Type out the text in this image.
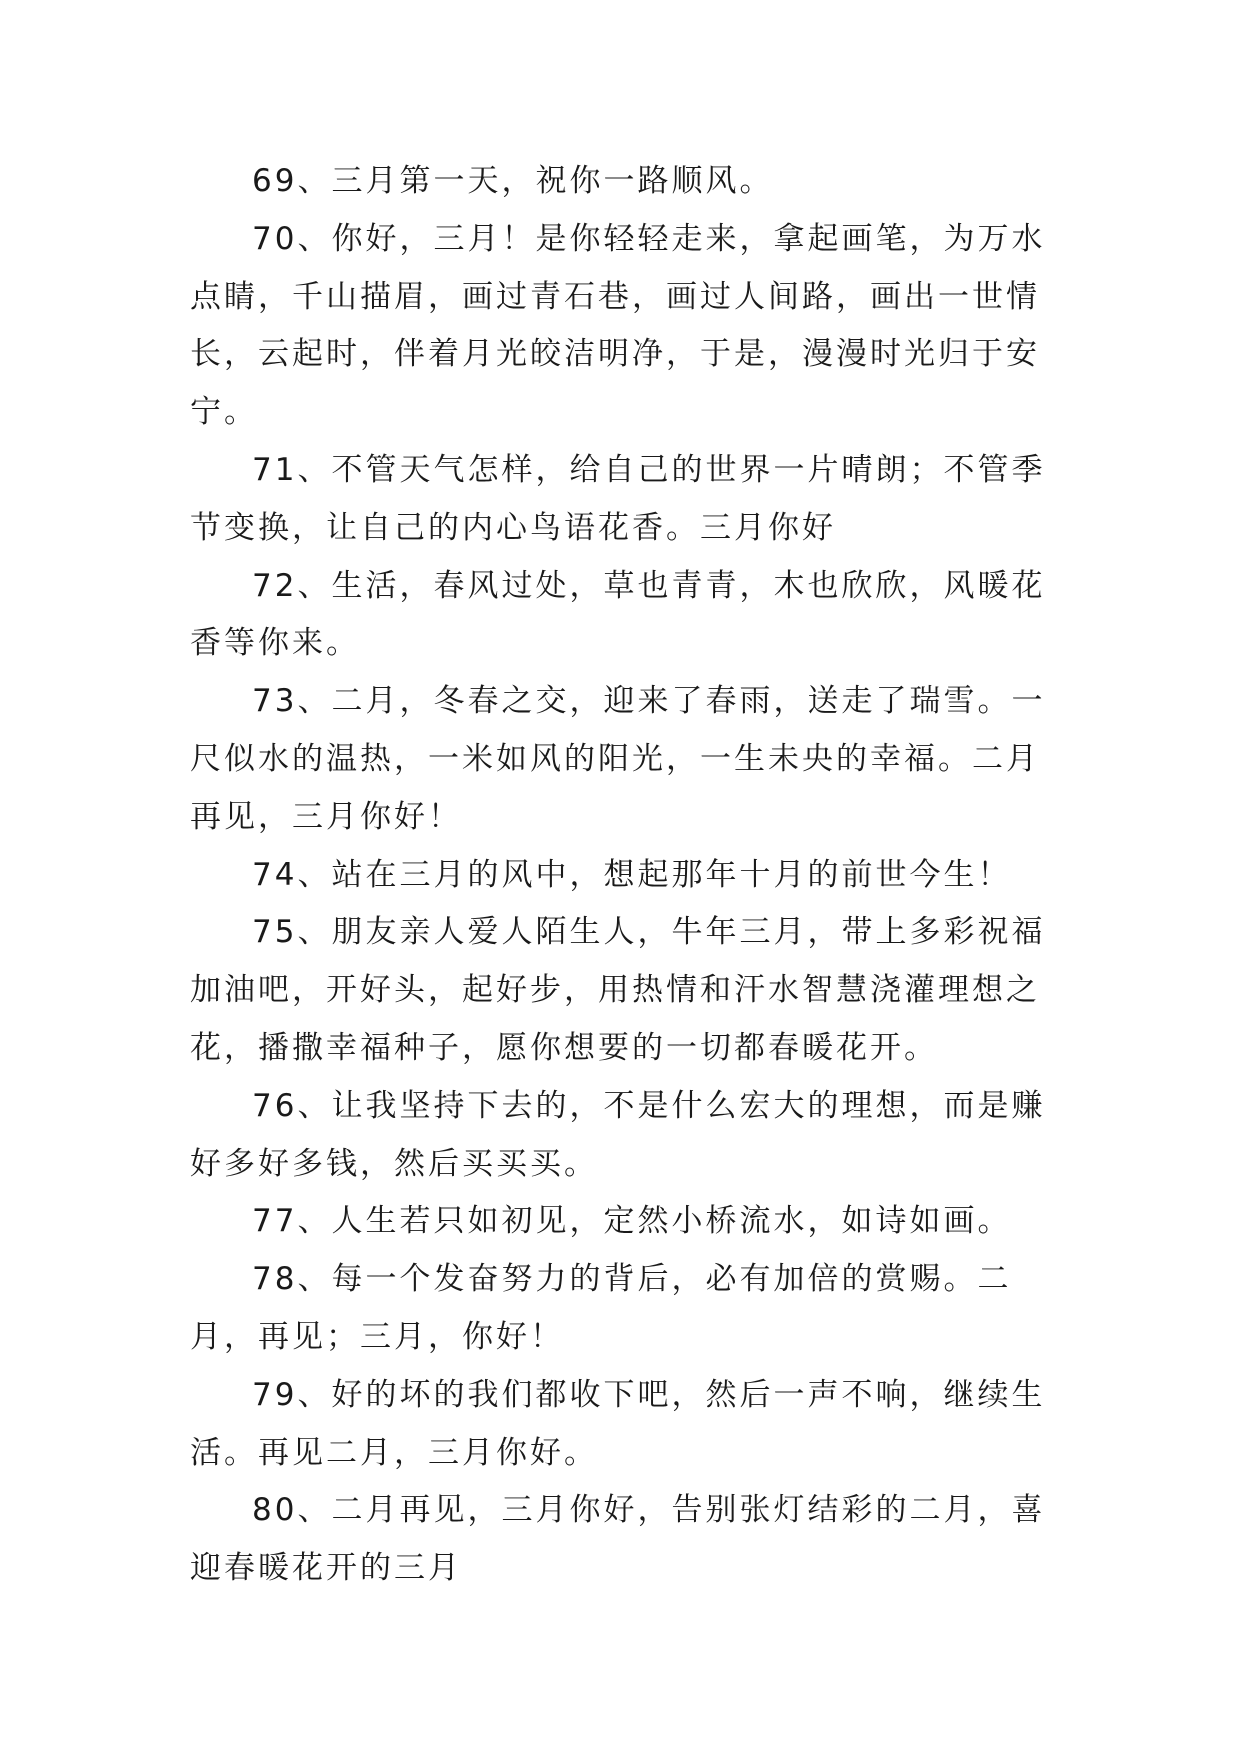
69、三月第一天，祝你一路顺风。

70、你好，三月！是你轻轻走来，拿起画笔，为万水点睛，千山描眉，画过青石巷，画过人间路，画出一世情长，云起时，伴着月光皎洁明净，于是，漫漫时光归于安宁。

71、不管天气怎样，给自己的世界一片晴朗；不管季节变换，让自己的内心鸟语花香。三月你好

72、生活，春风过处，草也青青，木也欣欣，风暖花香等你来。

73、二月，冬春之交，迎来了春雨，送走了瑞雪。一尺似水的温热，一米如风的阳光，一生未央的幸福。二月再见，三月你好！

74、站在三月的风中，想起那年十月的前世今生！

75、朋友亲人爱人陌生人，牛年三月，带上多彩祝福加油吧，开好头，起好步，用热情和汗水智慧浇灌理想之花，播撒幸福种子，愿你想要的一切都春暖花开。

76、让我坚持下去的，不是什么宏大的理想，而是赚好多好多钱，然后买买买。

77、人生若只如初见，定然小桥流水，如诗如画。

78、每一个发奋努力的背后，必有加倍的赏赐。二月，再见；三月，你好！

79、好的坏的我们都收下吧，然后一声不响，继续生活。再见二月，三月你好。

80、二月再见，三月你好，告别张灯结彩的二月，喜迎春暖花开的三月
